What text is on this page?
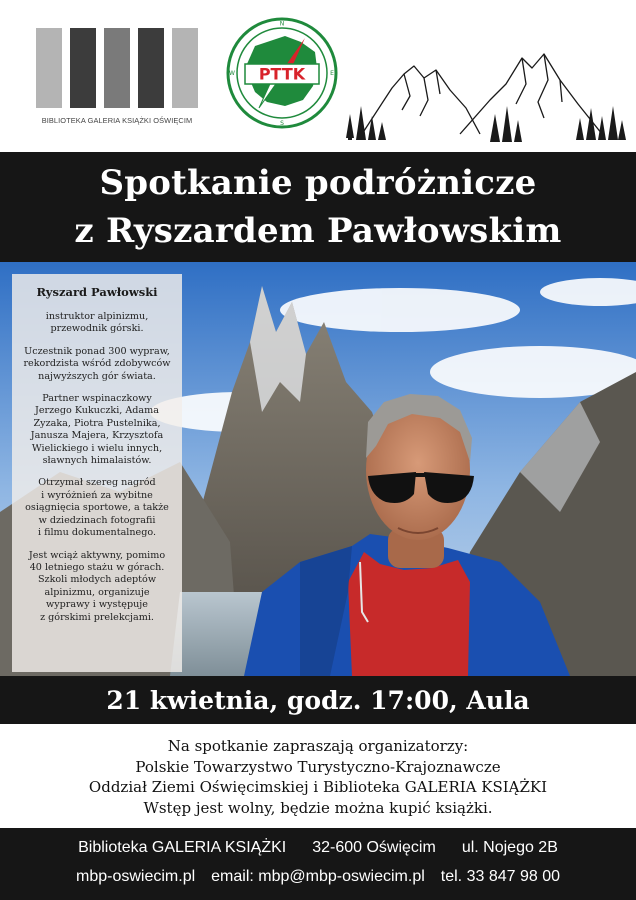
BIBLIOTEKA GALERIA KSIĄŻKI OŚWIĘCIM
PTTK
N
E
S
W
Spotkanie podróżnicze
z Ryszardem Pawłowskim
Ryszard Pawłowski
instruktor alpinizmu,
przewodnik górski.
Uczestnik ponad 300 wypraw,
rekordzista wśród zdobywców
najwyższych gór świata.
Partner wspinaczkowy
Jerzego Kukuczki, Adama
Zyzaka, Piotra Pustelnika,
Janusza Majera, Krzysztofa
Wielickiego i wielu innych,
sławnych himalaistów.
Otrzymał szereg nagród
i wyróżnień za wybitne
osiągnięcia sportowe, a także
w dziedzinach fotografii
i filmu dokumentalnego.
Jest wciąż aktywny, pomimo
40 letniego stażu w górach.
Szkoli młodych adeptów
alpinizmu, organizuje
wyprawy i występuje
z górskimi prelekcjami.
21 kwietnia, godz. 17:00, Aula
Na spotkanie zapraszają organizatorzy:
Polskie Towarzystwo Turystyczno-Krajoznawcze
Oddział Ziemi Oświęcimskiej i Biblioteka GALERIA KSIĄŻKI
Wstęp jest wolny, będzie można kupić książki.
Biblioteka GALERIA KSIĄŻKI 32-600 Oświęcim ul. Nojego 2B
mbp-oswiecim.pl email: mbp@mbp-oswiecim.pl tel. 33 847 98 00
